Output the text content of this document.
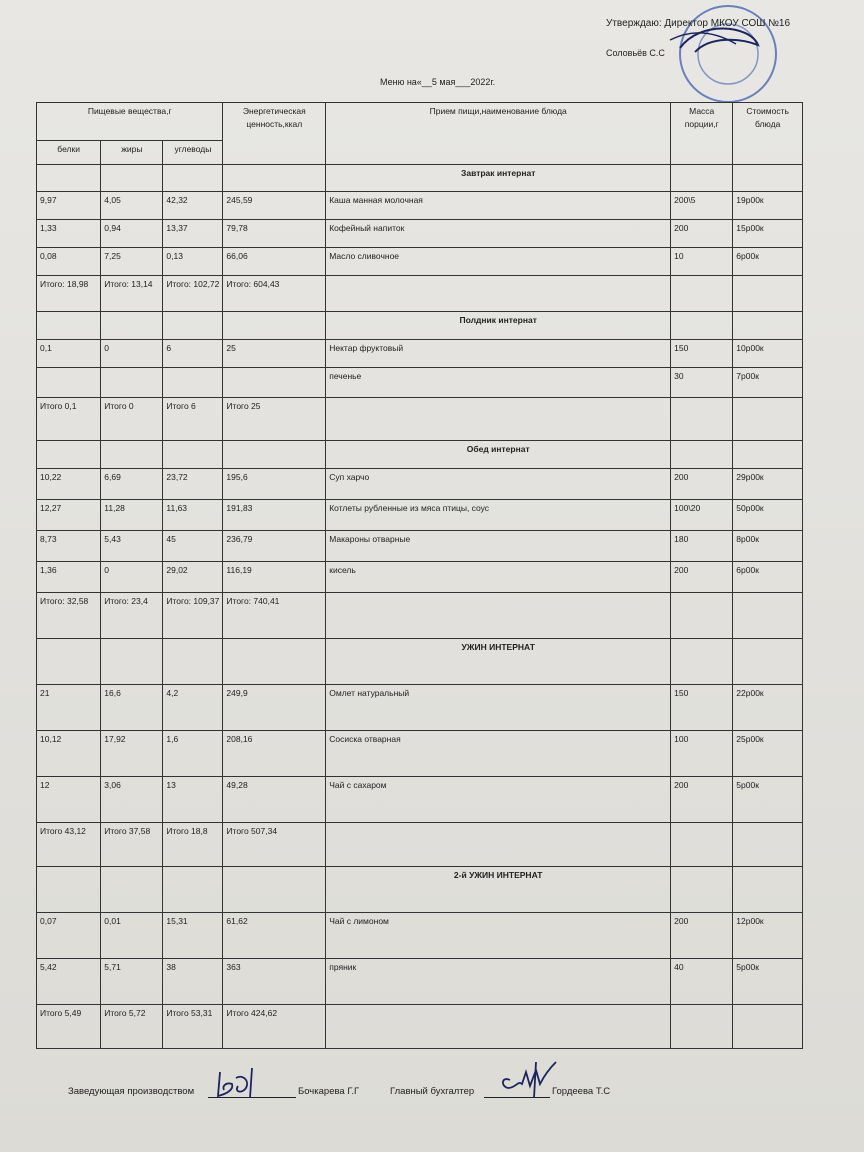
Утверждаю: Директор МКОУ СОШ №16
Соловьёв С.С
Меню на«__5 мая___2022г.
Пищевые вещества,г			Энергетическая ценность,ккал	Прием пищи,наименование блюда	Масса порции,г	Стоимость блюда
белки	жиры	углеводы				
				Завтрак интернат		
9,97	4,05	42,32	245,59	Каша манная молочная	200\5	19р00к
1,33	0,94	13,37	79,78	Кофейный напиток	200	15р00к
0,08	7,25	0,13	66,06	Масло сливочное	10	6р00к
Итого: 18,98	Итого: 13,14	Итого: 102,72	Итого: 604,43			
				Полдник интернат		
0,1	0	6	25	Нектар фруктовый	150	10р00к
				печенье	30	7р00к
Итого 0,1	Итого 0	Итого 6	Итого 25			
				Обед интернат		
10,22	6,69	23,72	195,6	Суп харчо	200	29р00к
12,27	11,28	11,63	191,83	Котлеты рубленные из мяса птицы, соус	100\20	50р00к
8,73	5,43	45	236,79	Макароны отварные	180	8р00к
1,36	0	29,02	116,19	кисель	200	6р00к
Итого: 32,58	Итого: 23,4	Итого: 109,37	Итого: 740,41			
				УЖИН ИНТЕРНАТ		
21	16,6	4,2	249,9	Омлет натуральный	150	22р00к
10,12	17,92	1,6	208,16	Сосиска отварная	100	25р00к
12	3,06	13	49,28	Чай с сахаром	200	5р00к
Итого 43,12	Итого 37,58	Итого 18,8	Итого 507,34			
				2-й УЖИН ИНТЕРНАТ		
0,07	0,01	15,31	61,62	Чай с лимоном	200	12р00к
5,42	5,71	38	363	пряник	40	5р00к
Итого 5,49	Итого 5,72	Итого 53,31	Итого 424,62			
Заведующая производством	Бочкарева Г.Г	Главный бухгалтер	Гордеева Т.С
